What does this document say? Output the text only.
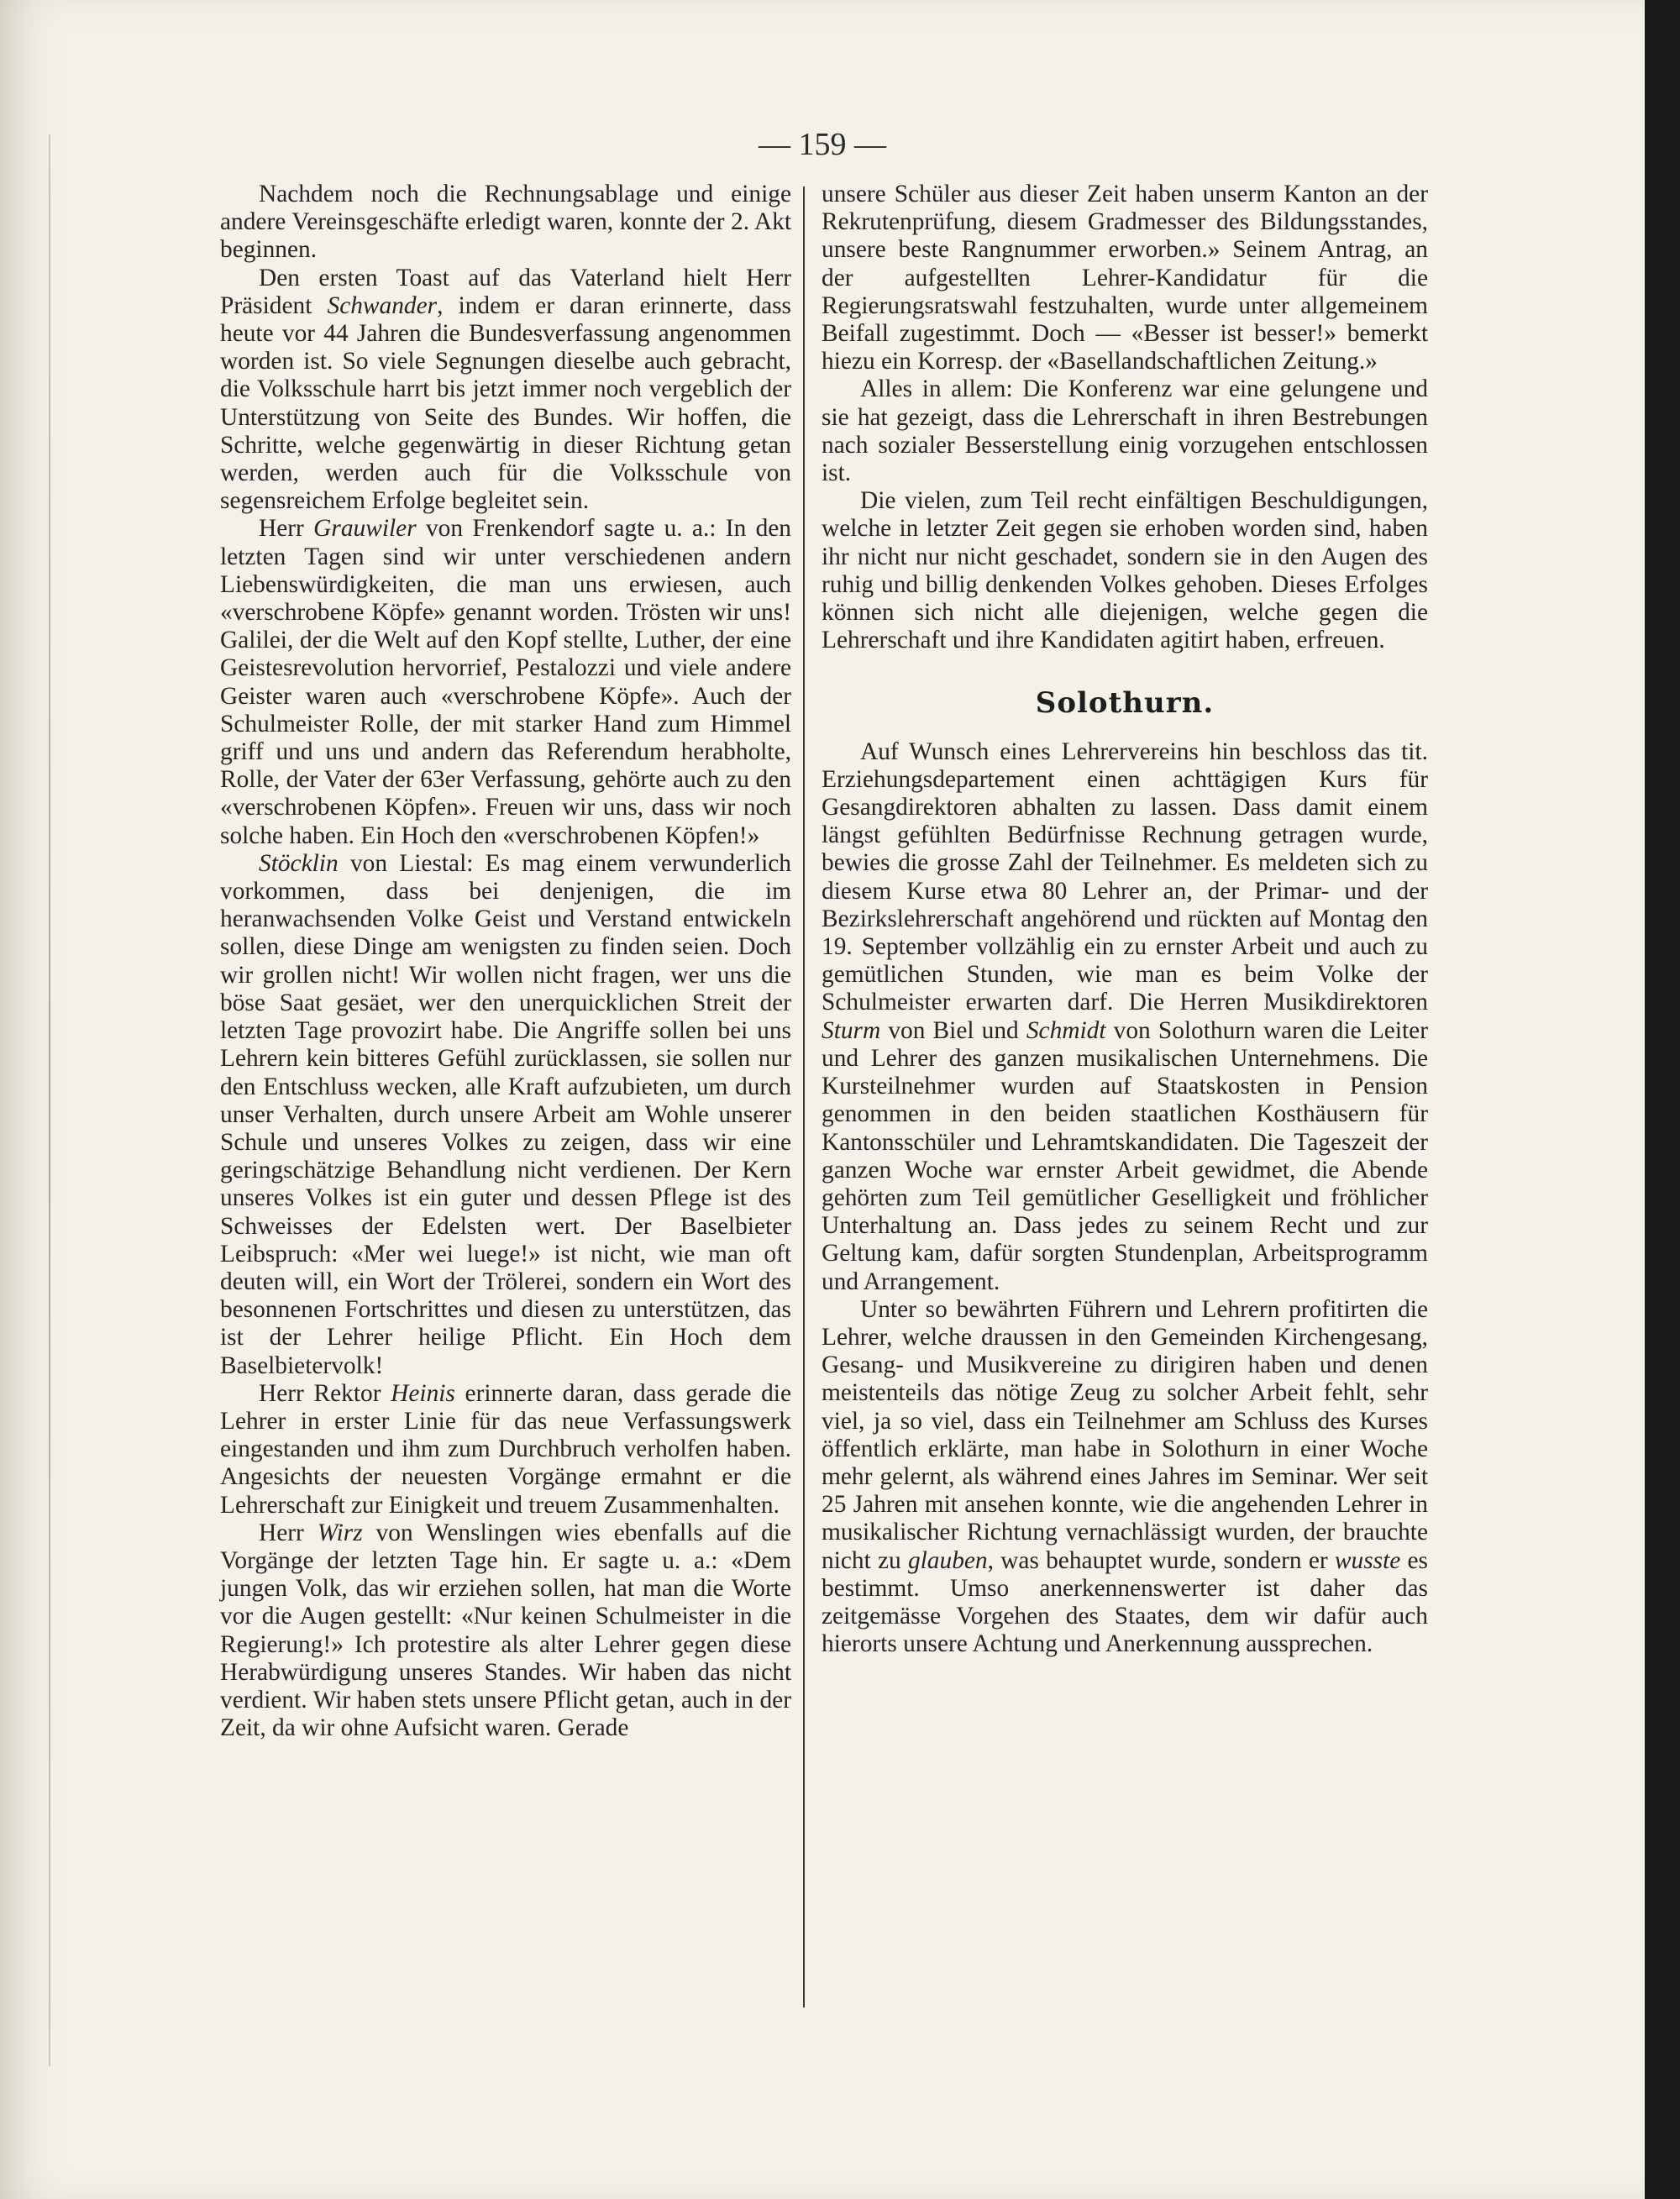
— 159 —

Nachdem noch die Rechnungsablage und einige andere Vereinsgeschäfte erledigt waren, konnte der 2. Akt beginnen.

Den ersten Toast auf das Vaterland hielt Herr Präsident Schwander, indem er daran erinnerte, dass heute vor 44 Jahren die Bundesverfassung angenommen worden ist. So viele Segnungen dieselbe auch gebracht, die Volksschule harrt bis jetzt immer noch vergeblich der Unterstützung von Seite des Bundes. Wir hoffen, die Schritte, welche gegenwärtig in dieser Richtung getan werden, werden auch für die Volksschule von segensreichem Erfolge begleitet sein.

Herr Grauwiler von Frenkendorf sagte u. a.: In den letzten Tagen sind wir unter verschiedenen andern Liebenswürdigkeiten, die man uns erwiesen, auch «verschrobene Köpfe» genannt worden. Trösten wir uns! Galilei, der die Welt auf den Kopf stellte, Luther, der eine Geistesrevolution hervorrief, Pestalozzi und viele andere Geister waren auch «verschrobene Köpfe». Auch der Schulmeister Rolle, der mit starker Hand zum Himmel griff und uns und andern das Referendum herabholte, Rolle, der Vater der 63er Verfassung, gehörte auch zu den «verschrobenen Köpfen». Freuen wir uns, dass wir noch solche haben. Ein Hoch den «verschrobenen Köpfen!»

Stöcklin von Liestal: Es mag einem verwunderlich vorkommen, dass bei denjenigen, die im heranwachsenden Volke Geist und Verstand entwickeln sollen, diese Dinge am wenigsten zu finden seien. Doch wir grollen nicht! Wir wollen nicht fragen, wer uns die böse Saat gesäet, wer den unerquicklichen Streit der letzten Tage provozirt habe. Die Angriffe sollen bei uns Lehrern kein bitteres Gefühl zurücklassen, sie sollen nur den Entschluss wecken, alle Kraft aufzubieten, um durch unser Verhalten, durch unsere Arbeit am Wohle unserer Schule und unseres Volkes zu zeigen, dass wir eine geringschätzige Behandlung nicht verdienen. Der Kern unseres Volkes ist ein guter und dessen Pflege ist des Schweisses der Edelsten wert. Der Baselbieter Leibspruch: «Mer wei luege!» ist nicht, wie man oft deuten will, ein Wort der Trölerei, sondern ein Wort des besonnenen Fortschrittes und diesen zu unterstützen, das ist der Lehrer heilige Pflicht. Ein Hoch dem Baselbietervolk!

Herr Rektor Heinis erinnerte daran, dass gerade die Lehrer in erster Linie für das neue Verfassungswerk eingestanden und ihm zum Durchbruch verholfen haben. Angesichts der neuesten Vorgänge ermahnt er die Lehrerschaft zur Einigkeit und treuem Zusammenhalten.

Herr Wirz von Wenslingen wies ebenfalls auf die Vorgänge der letzten Tage hin. Er sagte u. a.: «Dem jungen Volk, das wir erziehen sollen, hat man die Worte vor die Augen gestellt: «Nur keinen Schulmeister in die Regierung!» Ich protestire als alter Lehrer gegen diese Herabwürdigung unseres Standes. Wir haben das nicht verdient. Wir haben stets unsere Pflicht getan, auch in der Zeit, da wir ohne Aufsicht waren. Gerade

unsere Schüler aus dieser Zeit haben unserm Kanton an der Rekrutenprüfung, diesem Gradmesser des Bildungsstandes, unsere beste Rangnummer erworben.» Seinem Antrag, an der aufgestellten Lehrer-Kandidatur für die Regierungsratswahl festzuhalten, wurde unter allgemeinem Beifall zugestimmt. Doch — «Besser ist besser!» bemerkt hiezu ein Korresp. der «Basellandschaftlichen Zeitung.»

Alles in allem: Die Konferenz war eine gelungene und sie hat gezeigt, dass die Lehrerschaft in ihren Bestrebungen nach sozialer Besserstellung einig vorzugehen entschlossen ist.

Die vielen, zum Teil recht einfältigen Beschuldigungen, welche in letzter Zeit gegen sie erhoben worden sind, haben ihr nicht nur nicht geschadet, sondern sie in den Augen des ruhig und billig denkenden Volkes gehoben. Dieses Erfolges können sich nicht alle diejenigen, welche gegen die Lehrerschaft und ihre Kandidaten agitirt haben, erfreuen.

Solothurn.

Auf Wunsch eines Lehrervereins hin beschloss das tit. Erziehungsdepartement einen achttägigen Kurs für Gesangdirektoren abhalten zu lassen. Dass damit einem längst gefühlten Bedürfnisse Rechnung getragen wurde, bewies die grosse Zahl der Teilnehmer. Es meldeten sich zu diesem Kurse etwa 80 Lehrer an, der Primar- und der Bezirkslehrerschaft angehörend und rückten auf Montag den 19. September vollzählig ein zu ernster Arbeit und auch zu gemütlichen Stunden, wie man es beim Volke der Schulmeister erwarten darf. Die Herren Musikdirektoren Sturm von Biel und Schmidt von Solothurn waren die Leiter und Lehrer des ganzen musikalischen Unternehmens. Die Kursteilnehmer wurden auf Staatskosten in Pension genommen in den beiden staatlichen Kosthäusern für Kantonsschüler und Lehramtskandidaten. Die Tageszeit der ganzen Woche war ernster Arbeit gewidmet, die Abende gehörten zum Teil gemütlicher Geselligkeit und fröhlicher Unterhaltung an. Dass jedes zu seinem Recht und zur Geltung kam, dafür sorgten Stundenplan, Arbeitsprogramm und Arrangement.

Unter so bewährten Führern und Lehrern profitirten die Lehrer, welche draussen in den Gemeinden Kirchengesang, Gesang- und Musikvereine zu dirigiren haben und denen meistenteils das nötige Zeug zu solcher Arbeit fehlt, sehr viel, ja so viel, dass ein Teilnehmer am Schluss des Kurses öffentlich erklärte, man habe in Solothurn in einer Woche mehr gelernt, als während eines Jahres im Seminar. Wer seit 25 Jahren mit ansehen konnte, wie die angehenden Lehrer in musikalischer Richtung vernachlässigt wurden, der brauchte nicht zu glauben, was behauptet wurde, sondern er wusste es bestimmt. Umso anerkennenswerter ist daher das zeitgemässe Vorgehen des Staates, dem wir dafür auch hierorts unsere Achtung und Anerkennung aussprechen.
